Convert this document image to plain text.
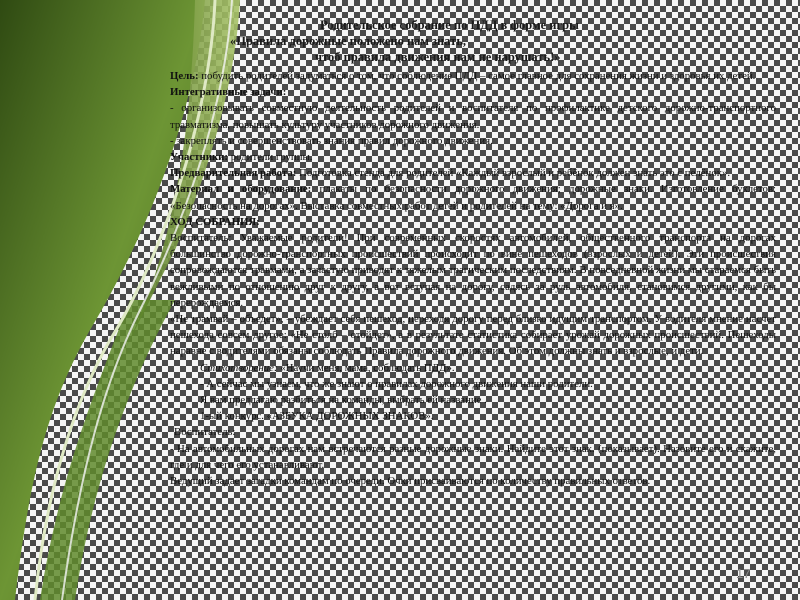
Родительское собрание по ПДД в форме игры
«Правила дорожные положено нам знать,
чтоб правила движения нам не нарушать!»

Цель: побудить родителей задуматься о том, что соблюдение ПДД – самое главное для сохранения жизни и здоровья их детей.

Интегративные задачи:

- организовывать совместную деятельность родителей и воспитателя по профилактике детского дорожно-транспортного травматизма, повышать культуру участников дорожного движения.

- закреплять и совершенствовать знания правил дорожного движения.

Участники: родители группы.

Предварительная работа: Подготовка стенда для родителей «Каждый взрослый и ребёнок должен знать это с пелёнок».

Материал и оборудование: плакаты по безопасности дорожного движения; дорожные знаки. Изготовление буклетов: «Безопасность на дорогах». Выставка совместных работ детей и родителей на тему: «Дорога и я».

ХОД СОБРАНИЯ:

Воспитатель: Уважаемые родители! При современных скоростях автомобилей, общественного транспорта на дорогах большинство дорожно-транспортных происшествий происходит по вине пешеходов (взрослых и детей). Эти происшествия сопровождаются травмами, а зачастую приводят к тяжелым трагическим последствиям. В повседневной жизни мы стараемся быть вежливыми по отношению друг к другу, а вот вступая на дорогу, садясь за руль автомобиля, становимся другими, как бы перерождаемся.

«Не трамвай – объедет», – убеждает себя пешеход, переходя дорогу перед близко идущим транспортом. У водителя мнение насчет пешехода совсем другое: «Не столб – отойдет», а в результате статистика собирает урожай дорожных происшествий. Пешеходы наравне с водителями обязаны соблюдать Правила дорожного движения. Об этом должны знать и взрослые, и дети.

Стихотворение: «Научи меня, мама, соблюдать ПДД».

- А сейчас мы узнаем, что же знают о правилах дорожного движения наши родители.

Я вам предлагаю разбиться на команды, выбрать ей название .

1-ый конкурс. «АЗБУКА ДОРОЖНЫХ ЗНАКОВ».

Воспитатель:

- На автомобильных дорогах нам встречаются разные дорожные знаки. Найдите этот знак. (показывает). Назовите его и скажите, где и для чего его устанавливают.

Ведущий задает загадки командам по очереди. Очки присваиваются по количеству правильных ответов.

17
